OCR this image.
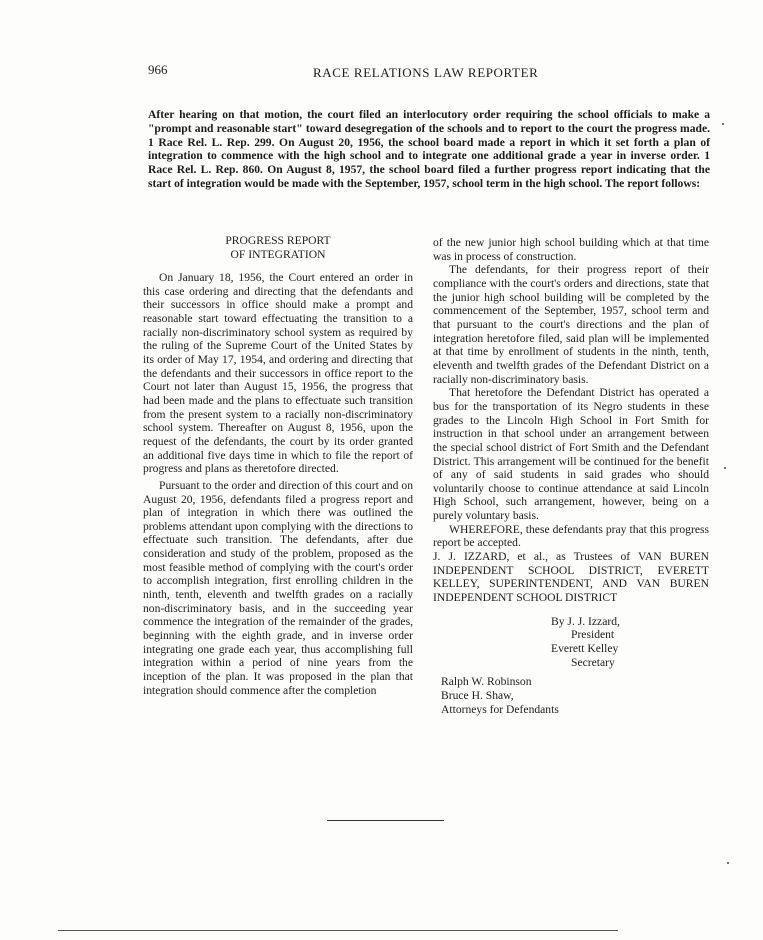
966	RACE RELATIONS LAW REPORTER

After hearing on that motion, the court filed an interlocutory order requiring the school officials to make a "prompt and reasonable start" toward desegregation of the schools and to report to the court the progress made. 1 Race Rel. L. Rep. 299. On August 20, 1956, the school board made a report in which it set forth a plan of integration to commence with the high school and to integrate one additional grade a year in inverse order. 1 Race Rel. L. Rep. 860. On August 8, 1957, the school board filed a further progress report indicating that the start of integration would be made with the September, 1957, school term in the high school. The report follows:

PROGRESS REPORT
OF INTEGRATION

On January 18, 1956, the Court entered an order in this case ordering and directing that the defendants and their successors in office should make a prompt and reasonable start toward effectuating the transition to a racially non-discriminatory school system as required by the ruling of the Supreme Court of the United States by its order of May 17, 1954, and ordering and directing that the defendants and their successors in office report to the Court not later than August 15, 1956, the progress that had been made and the plans to effectuate such transition from the present system to a racially non-discriminatory school system. Thereafter on August 8, 1956, upon the request of the defendants, the court by its order granted an additional five days time in which to file the report of progress and plans as theretofore directed.

Pursuant to the order and direction of this court and on August 20, 1956, defendants filed a progress report and plan of integration in which there was outlined the problems attendant upon complying with the directions to effectuate such transition. The defendants, after due consideration and study of the problem, proposed as the most feasible method of complying with the court's order to accomplish integration, first enrolling children in the ninth, tenth, eleventh and twelfth grades on a racially non-discriminatory basis, and in the succeeding year commence the integration of the remainder of the grades, beginning with the eighth grade, and in inverse order integrating one grade each year, thus accomplishing full integration within a period of nine years from the inception of the plan. It was proposed in the plan that integration should commence after the completion

of the new junior high school building which at that time was in process of construction.

The defendants, for their progress report of their compliance with the court's orders and directions, state that the junior high school building will be completed by the commencement of the September, 1957, school term and that pursuant to the court's directions and the plan of integration heretofore filed, said plan will be implemented at that time by enrollment of students in the ninth, tenth, eleventh and twelfth grades of the Defendant District on a racially non-discriminatory basis.

That heretofore the Defendant District has operated a bus for the transportation of its Negro students in these grades to the Lincoln High School in Fort Smith for instruction in that school under an arrangement between the special school district of Fort Smith and the Defendant District. This arrangement will be continued for the benefit of any of said students in said grades who should voluntarily choose to continue attendance at said Lincoln High School, such arrangement, however, being on a purely voluntary basis.

WHEREFORE, these defendants pray that this progress report be accepted.

J. J. IZZARD, et al., as Trustees of VAN BUREN INDEPENDENT SCHOOL DISTRICT, EVERETT KELLEY, SUPERINTENDENT, AND VAN BUREN INDEPENDENT SCHOOL DISTRICT

By J. J. Izzard,
President
Everett Kelley
Secretary
Ralph W. Robinson
Bruce H. Shaw,
Attorneys for Defendants
